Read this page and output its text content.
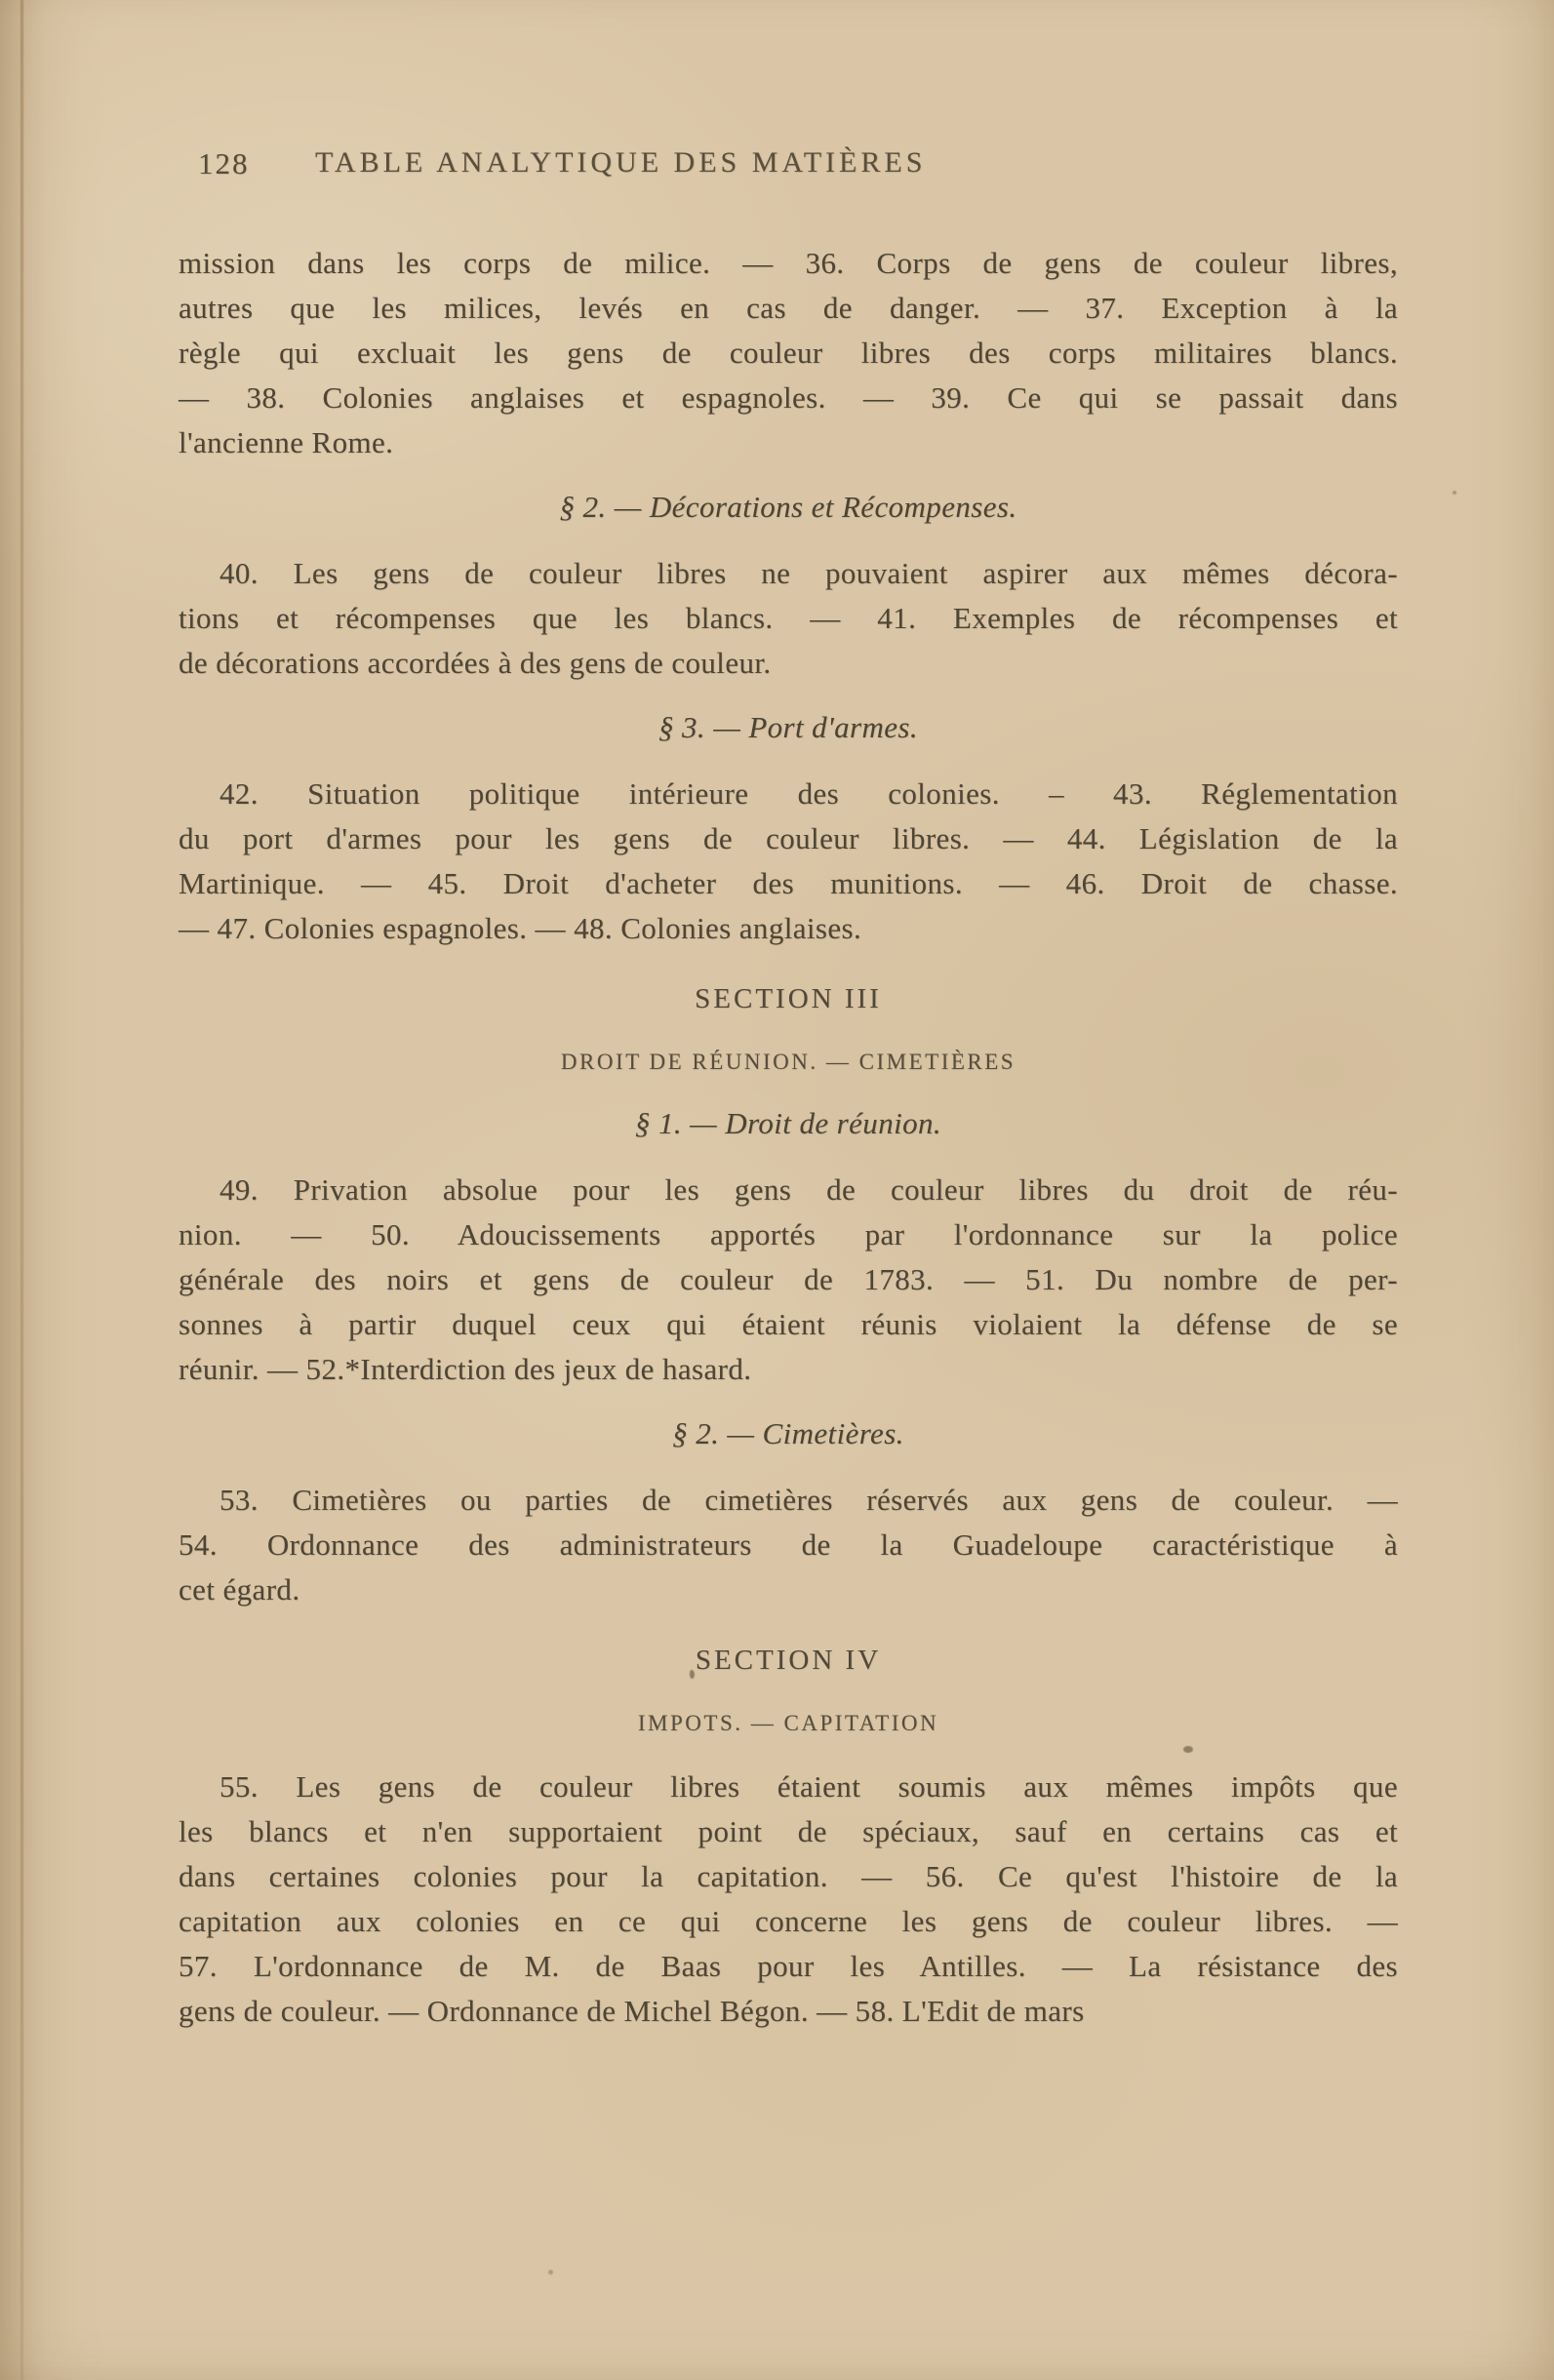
128 TABLE ANALYTIQUE DES MATIÈRES
mission dans les corps de milice. — 36. Corps de gens de couleur libres,
autres que les milices, levés en cas de danger. — 37. Exception à la
règle qui excluait les gens de couleur libres des corps militaires blancs.
— 38. Colonies anglaises et espagnoles. — 39. Ce qui se passait dans
l'ancienne Rome.
§ 2. — Décorations et Récompenses.
40. Les gens de couleur libres ne pouvaient aspirer aux mêmes décora-
tions et récompenses que les blancs. — 41. Exemples de récompenses et
de décorations accordées à des gens de couleur.
§ 3. — Port d'armes.
42. Situation politique intérieure des colonies. – 43. Réglementation
du port d'armes pour les gens de couleur libres. — 44. Législation de la
Martinique. — 45. Droit d'acheter des munitions. — 46. Droit de chasse.
— 47. Colonies espagnoles. — 48. Colonies anglaises.
SECTION III
DROIT DE RÉUNION. — CIMETIÈRES
§ 1. — Droit de réunion.
49. Privation absolue pour les gens de couleur libres du droit de réu-
nion. — 50. Adoucissements apportés par l'ordonnance sur la police
générale des noirs et gens de couleur de 1783. — 51. Du nombre de per-
sonnes à partir duquel ceux qui étaient réunis violaient la défense de se
réunir. — 52.*Interdiction des jeux de hasard.
§ 2. — Cimetières.
53. Cimetières ou parties de cimetières réservés aux gens de couleur. —
54. Ordonnance des administrateurs de la Guadeloupe caractéristique à
cet égard.
SECTION IV
IMPOTS. — CAPITATION
55. Les gens de couleur libres étaient soumis aux mêmes impôts que
les blancs et n'en supportaient point de spéciaux, sauf en certains cas et
dans certaines colonies pour la capitation. — 56. Ce qu'est l'histoire de la
capitation aux colonies en ce qui concerne les gens de couleur libres. —
57. L'ordonnance de M. de Baas pour les Antilles. — La résistance des
gens de couleur. — Ordonnance de Michel Bégon. — 58. L'Edit de mars
